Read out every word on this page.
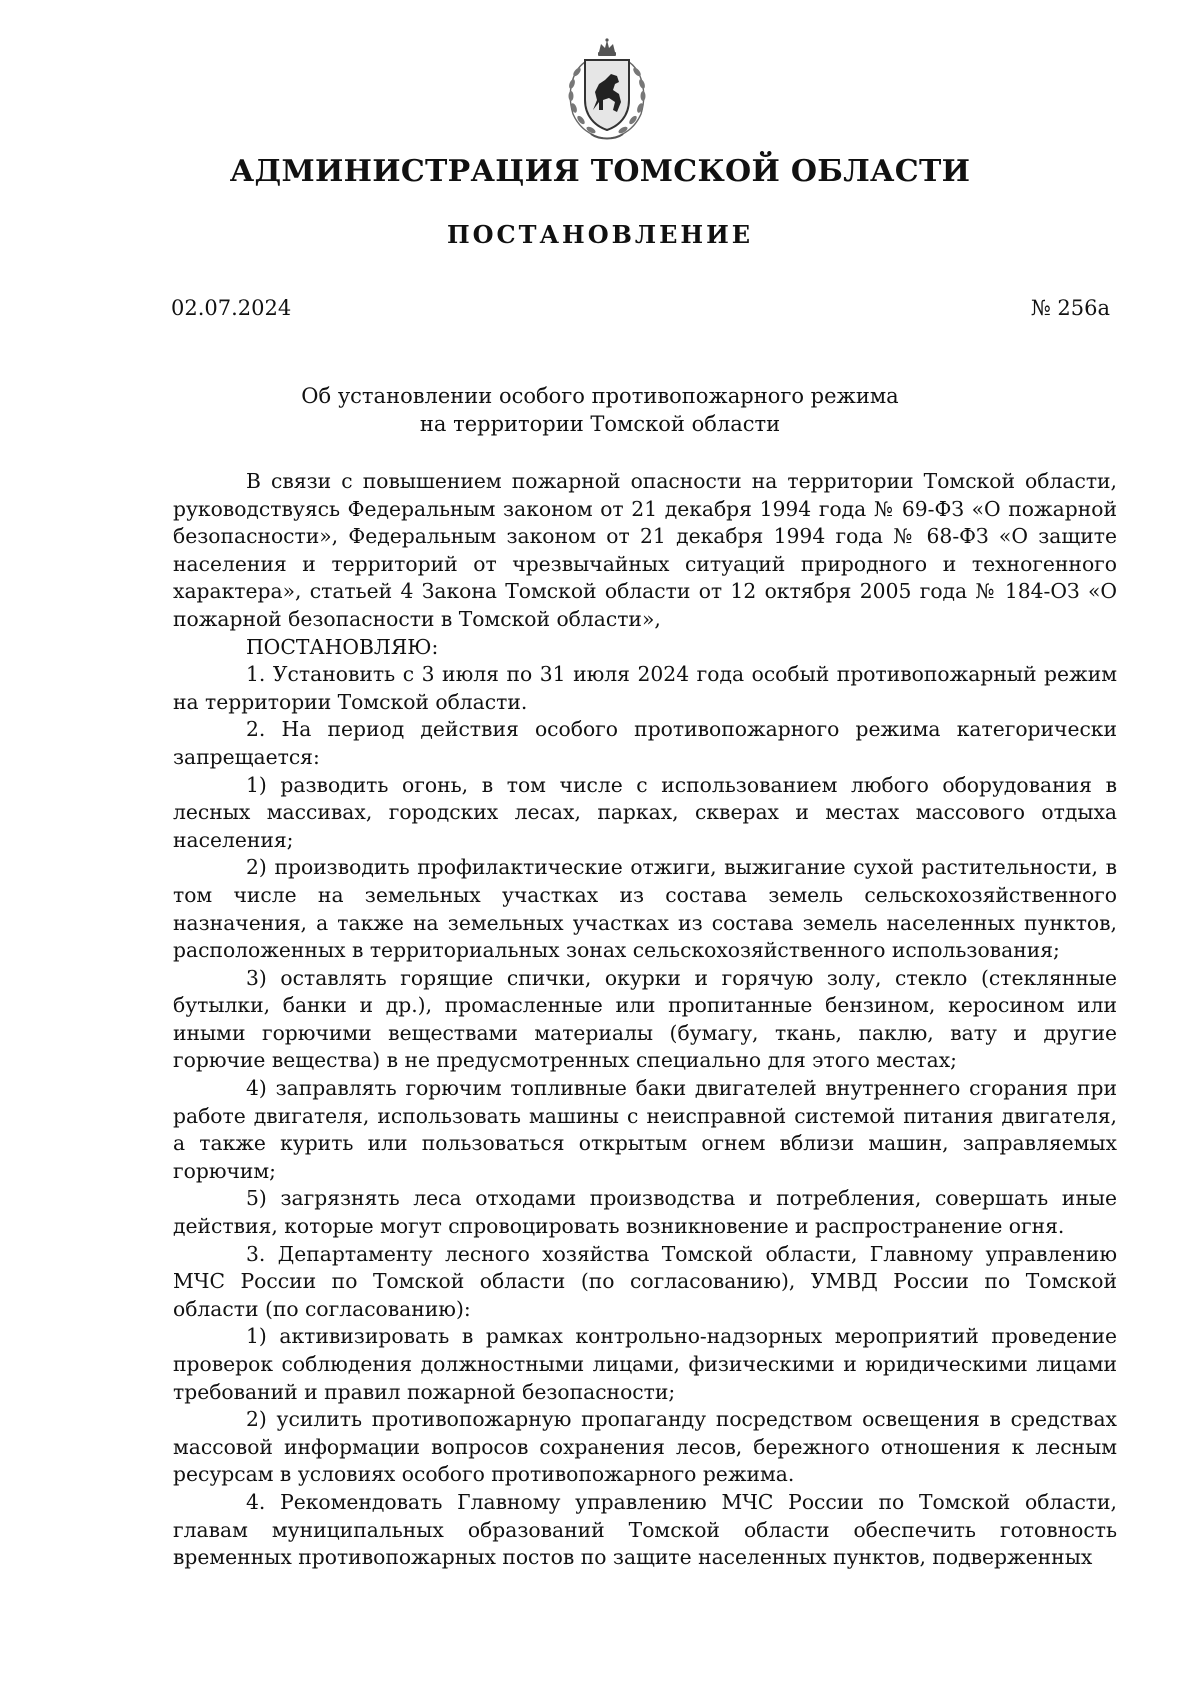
АДМИНИСТРАЦИЯ ТОМСКОЙ ОБЛАСТИ
ПОСТАНОВЛЕНИЕ
02.07.2024	№ 256а
Об установлении особого противопожарного режима
на территории Томской области

В связи с повышением пожарной опасности на территории Томской области, руководствуясь Федеральным законом от 21 декабря 1994 года № 69-ФЗ «О пожарной безопасности», Федеральным законом от 21 декабря 1994 года № 68-ФЗ «О защите населения и территорий от чрезвычайных ситуаций природного и техногенного характера», статьей 4 Закона Томской области от 12 октября 2005 года № 184-ОЗ «О пожарной безопасности в Томской области»,

ПОСТАНОВЛЯЮ:

1. Установить с 3 июля по 31 июля 2024 года особый противопожарный режим на территории Томской области.

2. На период действия особого противопожарного режима категорически запрещается:

1) разводить огонь, в том числе с использованием любого оборудования в лесных массивах, городских лесах, парках, скверах и местах массового отдыха населения;

2) производить профилактические отжиги, выжигание сухой растительности, в том числе на земельных участках из состава земель сельскохозяйственного назначения, а также на земельных участках из состава земель населенных пунктов, расположенных в территориальных зонах сельскохозяйственного использования;

3) оставлять горящие спички, окурки и горячую золу, стекло (стеклянные бутылки, банки и др.), промасленные или пропитанные бензином, керосином или иными горючими веществами материалы (бумагу, ткань, паклю, вату и другие горючие вещества) в не предусмотренных специально для этого местах;

4) заправлять горючим топливные баки двигателей внутреннего сгорания при работе двигателя, использовать машины с неисправной системой питания двигателя, а также курить или пользоваться открытым огнем вблизи машин, заправляемых горючим;

5) загрязнять леса отходами производства и потребления, совершать иные действия, которые могут спровоцировать возникновение и распространение огня.

3. Департаменту лесного хозяйства Томской области, Главному управлению МЧС России по Томской области (по согласованию), УМВД России по Томской области (по согласованию):

1) активизировать в рамках контрольно-надзорных мероприятий проведение проверок соблюдения должностными лицами, физическими и юридическими лицами требований и правил пожарной безопасности;

2) усилить противопожарную пропаганду посредством освещения в средствах массовой информации вопросов сохранения лесов, бережного отношения к лесным ресурсам в условиях особого противопожарного режима.

4. Рекомендовать Главному управлению МЧС России по Томской области, главам муниципальных образований Томской области обеспечить готовность временных противопожарных постов по защите населенных пунктов, подверженных
